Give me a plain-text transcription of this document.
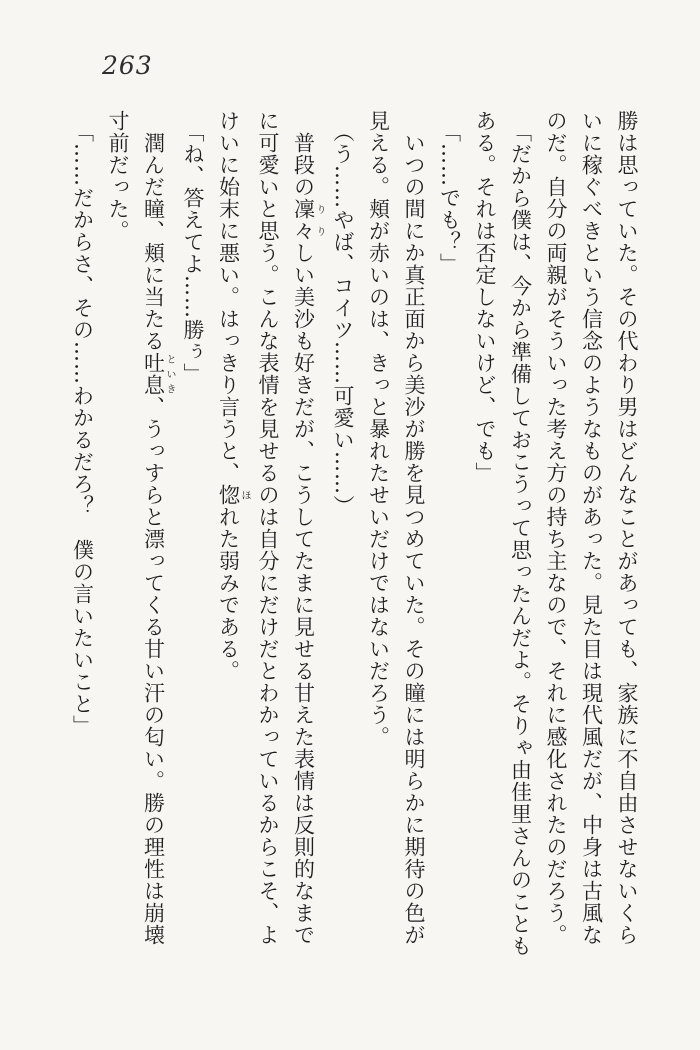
263

勝は思っていた。その代わり男はどんなことがあっても、家族に不自由させないくら

いに稼ぐべきという信念のようなものがあった。見た目は現代風だが、中身は古風な

のだ。自分の両親がそういった考え方の持ち主なので、それに感化されたのだろう。

「だから僕は、今から準備しておこうって思ったんだよ。そりゃ由佳里さんのことも

ある。それは否定しないけど、でも」

「……でも？」

いつの間にか真正面から美沙が勝を見つめていた。その瞳には明らかに期待の色が

見える。頬が赤いのは、きっと暴れたせいだけではないだろう。

（う……やば、コイツ……可愛い……）

普段の凜々りりしい美沙も好きだが、こうしてたまに見せる甘えた表情は反則的なまで

に可愛いと思う。こんな表情を見せるのは自分にだけだとわかっているからこそ、よ

けいに始末に悪い。はっきり言うと、惚ほれた弱みである。

「ね、答えてよ……勝ぅ」

潤んだ瞳、頬に当たる吐息といき、うっすらと漂ってくる甘い汗の匂い。勝の理性は崩壊

寸前だった。

「……だからさ、その……わかるだろ？　僕の言いたいこと」
